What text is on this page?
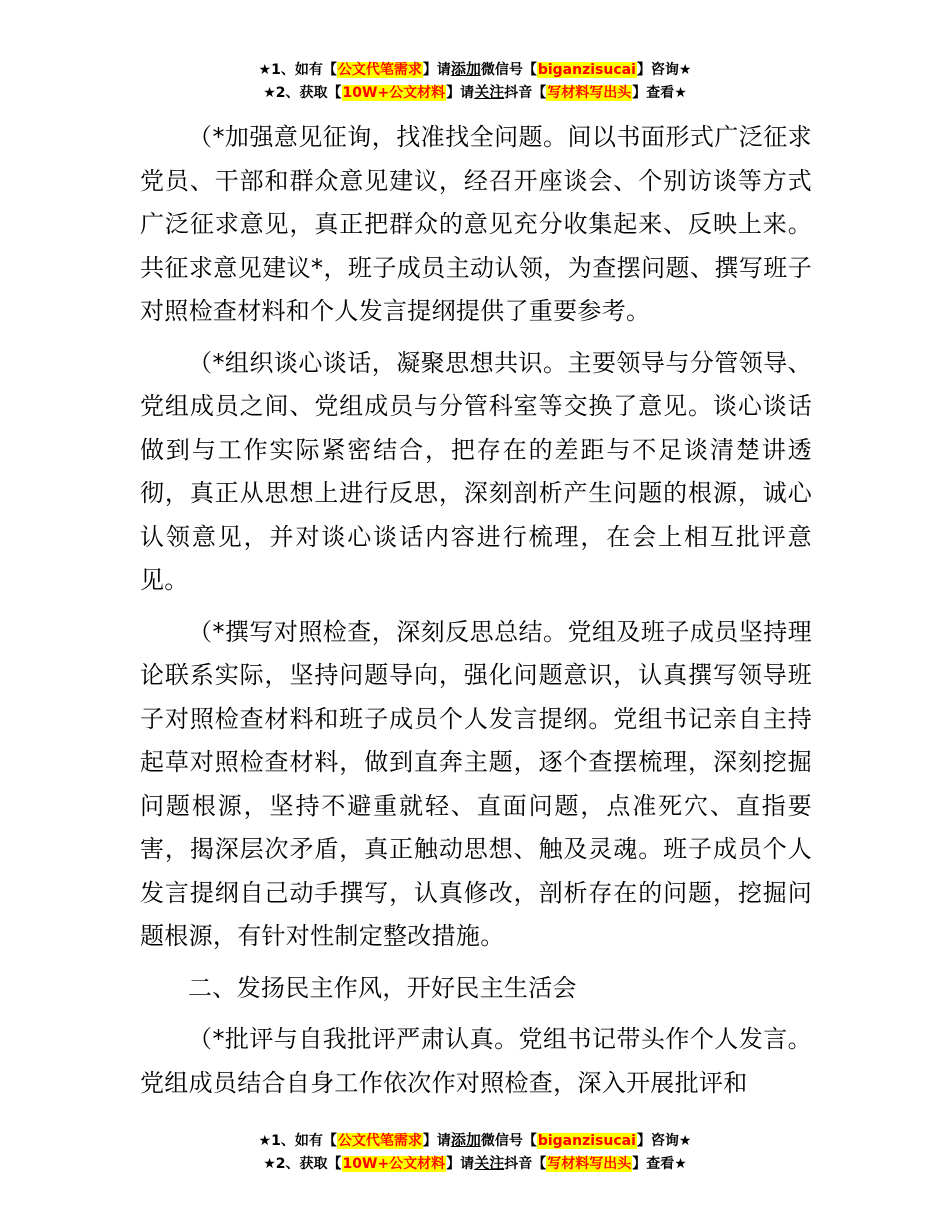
★1、如有【公文代笔需求】请添加微信号【biganzisucai】咨询★
★2、获取【10W+公文材料】请关注抖音【写材料写出头】查看★

（*加强意见征询，找准找全问题。间以书面形式广泛征求党员、干部和群众意见建议，经召开座谈会、个别访谈等方式广泛征求意见，真正把群众的意见充分收集起来、反映上来。共征求意见建议*，班子成员主动认领，为查摆问题、撰写班子对照检查材料和个人发言提纲提供了重要参考。

（*组织谈心谈话，凝聚思想共识。主要领导与分管领导、党组成员之间、党组成员与分管科室等交换了意见。谈心谈话做到与工作实际紧密结合，把存在的差距与不足谈清楚讲透彻，真正从思想上进行反思，深刻剖析产生问题的根源，诚心认领意见，并对谈心谈话内容进行梳理，在会上相互批评意见。

（*撰写对照检查，深刻反思总结。党组及班子成员坚持理论联系实际，坚持问题导向，强化问题意识，认真撰写领导班子对照检查材料和班子成员个人发言提纲。党组书记亲自主持起草对照检查材料，做到直奔主题，逐个查摆梳理，深刻挖掘问题根源，坚持不避重就轻、直面问题，点准死穴、直指要害，揭深层次矛盾，真正触动思想、触及灵魂。班子成员个人发言提纲自己动手撰写，认真修改，剖析存在的问题，挖掘问题根源，有针对性制定整改措施。

二、发扬民主作风，开好民主生活会

（*批评与自我批评严肃认真。党组书记带头作个人发言。党组成员结合自身工作依次作对照检查，深入开展批评和

★1、如有【公文代笔需求】请添加微信号【biganzisucai】咨询★
★2、获取【10W+公文材料】请关注抖音【写材料写出头】查看★
